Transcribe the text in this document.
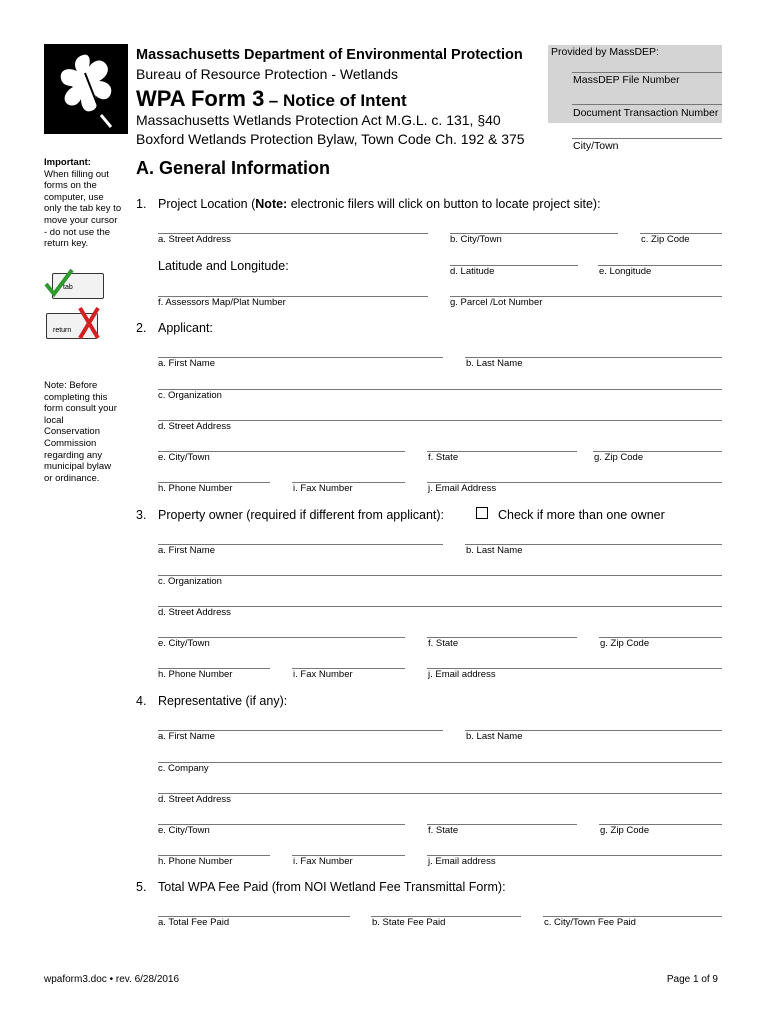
Massachusetts Department of Environmental Protection
Bureau of Resource Protection - Wetlands
WPA Form 3 – Notice of Intent
Massachusetts Wetlands Protection Act M.G.L. c. 131, §40
Boxford Wetlands Protection Bylaw, Town Code Ch. 192 & 375
Provided by MassDEP:
MassDEP File Number
Document Transaction Number
City/Town
Important:
When filling out forms on the computer, use only the tab key to move your cursor - do not use the return key.
tab
return
Note: Before completing this form consult your local Conservation Commission regarding any municipal bylaw or ordinance.
A. General Information
1. Project Location (Note: electronic filers will click on button to locate project site):
a. Street Address	b. City/Town	c. Zip Code
Latitude and Longitude:	d. Latitude	e. Longitude
f. Assessors Map/Plat Number	g. Parcel /Lot Number
2. Applicant:
a. First Name	b. Last Name
c. Organization
d. Street Address
e. City/Town	f. State	g. Zip Code
h. Phone Number	i. Fax Number	j. Email Address
3. Property owner (required if different from applicant):	Check if more than one owner
a. First Name	b. Last Name
c. Organization
d. Street Address
e. City/Town	f. State	g. Zip Code
h. Phone Number	i. Fax Number	j. Email address
4. Representative (if any):
a. First Name	b. Last Name
c. Company
d. Street Address
e. City/Town	f. State	g. Zip Code
h. Phone Number	i. Fax Number	j. Email address
5. Total WPA Fee Paid (from NOI Wetland Fee Transmittal Form):
a. Total Fee Paid	b. State Fee Paid	c. City/Town Fee Paid
wpaform3.doc • rev. 6/28/2016	Page 1 of 9
